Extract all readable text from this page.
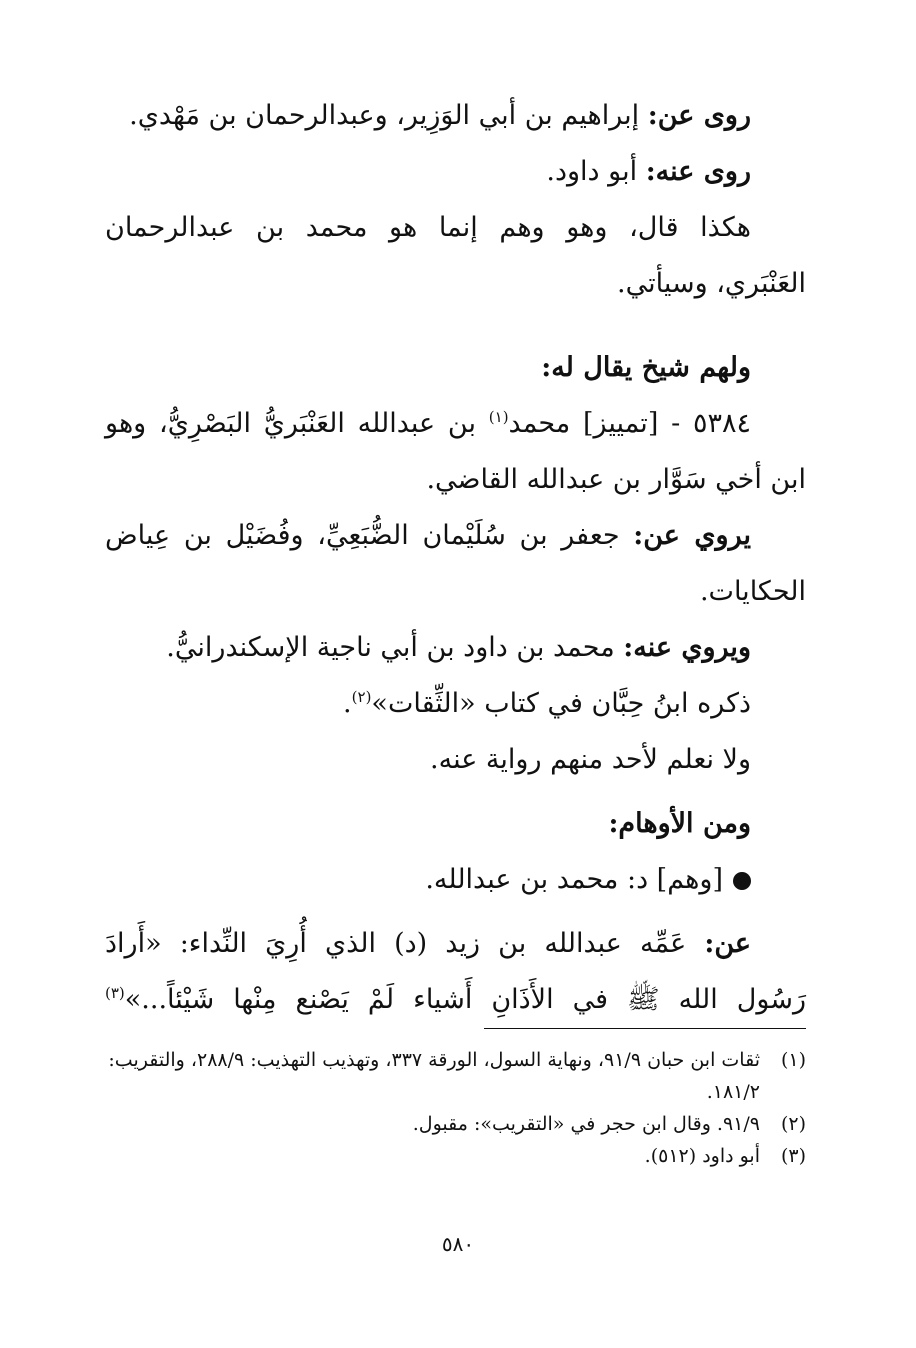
روى عن: إبراهيم بن أبي الوَزِير، وعبدالرحمان بن مَهْدي.
روى عنه: أبو داود.
هكذا قال، وهو وهم إنما هو محمد بن عبدالرحمان
العَنْبَري، وسيأتي.
ولهم شيخ يقال له:
٥٣٨٤ - [تمييز] محمد$^{(١)}$ بن عبدالله العَنْبَريُّ البَصْرِيُّ، وهو
ابن أخي سَوَّار بن عبدالله القاضي.
يروي عن: جعفر بن سُلَيْمان الضُّبَعِيِّ، وفُضَيْل بن عِياض
الحكايات.
ويروي عنه: محمد بن داود بن أبي ناجية الإسكندرانيُّ.
ذكره ابنُ حِبَّان في كتاب «الثِّقات»$^{(٢)}$.
ولا نعلم لأحد منهم رواية عنه.
ومن الأوهام:
[وهم] د: محمد بن عبدالله.
عن: عَمِّه عبدالله بن زيد (د) الذي أُرِيَ النِّداء: «أَرادَ
رَسُول الله ﷺ في الأَذَانِ أَشياء لَمْ يَصْنع مِنْها شَيْئاً...»$^{(٣)}$
(١)
ثقات ابن حبان ٩١/٩، ونهاية السول، الورقة ٣٣٧، وتهذيب التهذيب: ٢٨٨/٩، والتقريب: ١٨١/٢.
(٢)
٩١/٩. وقال ابن حجر في «التقريب»: مقبول.
(٣)
أبو داود (٥١٢).
٥٨٠
